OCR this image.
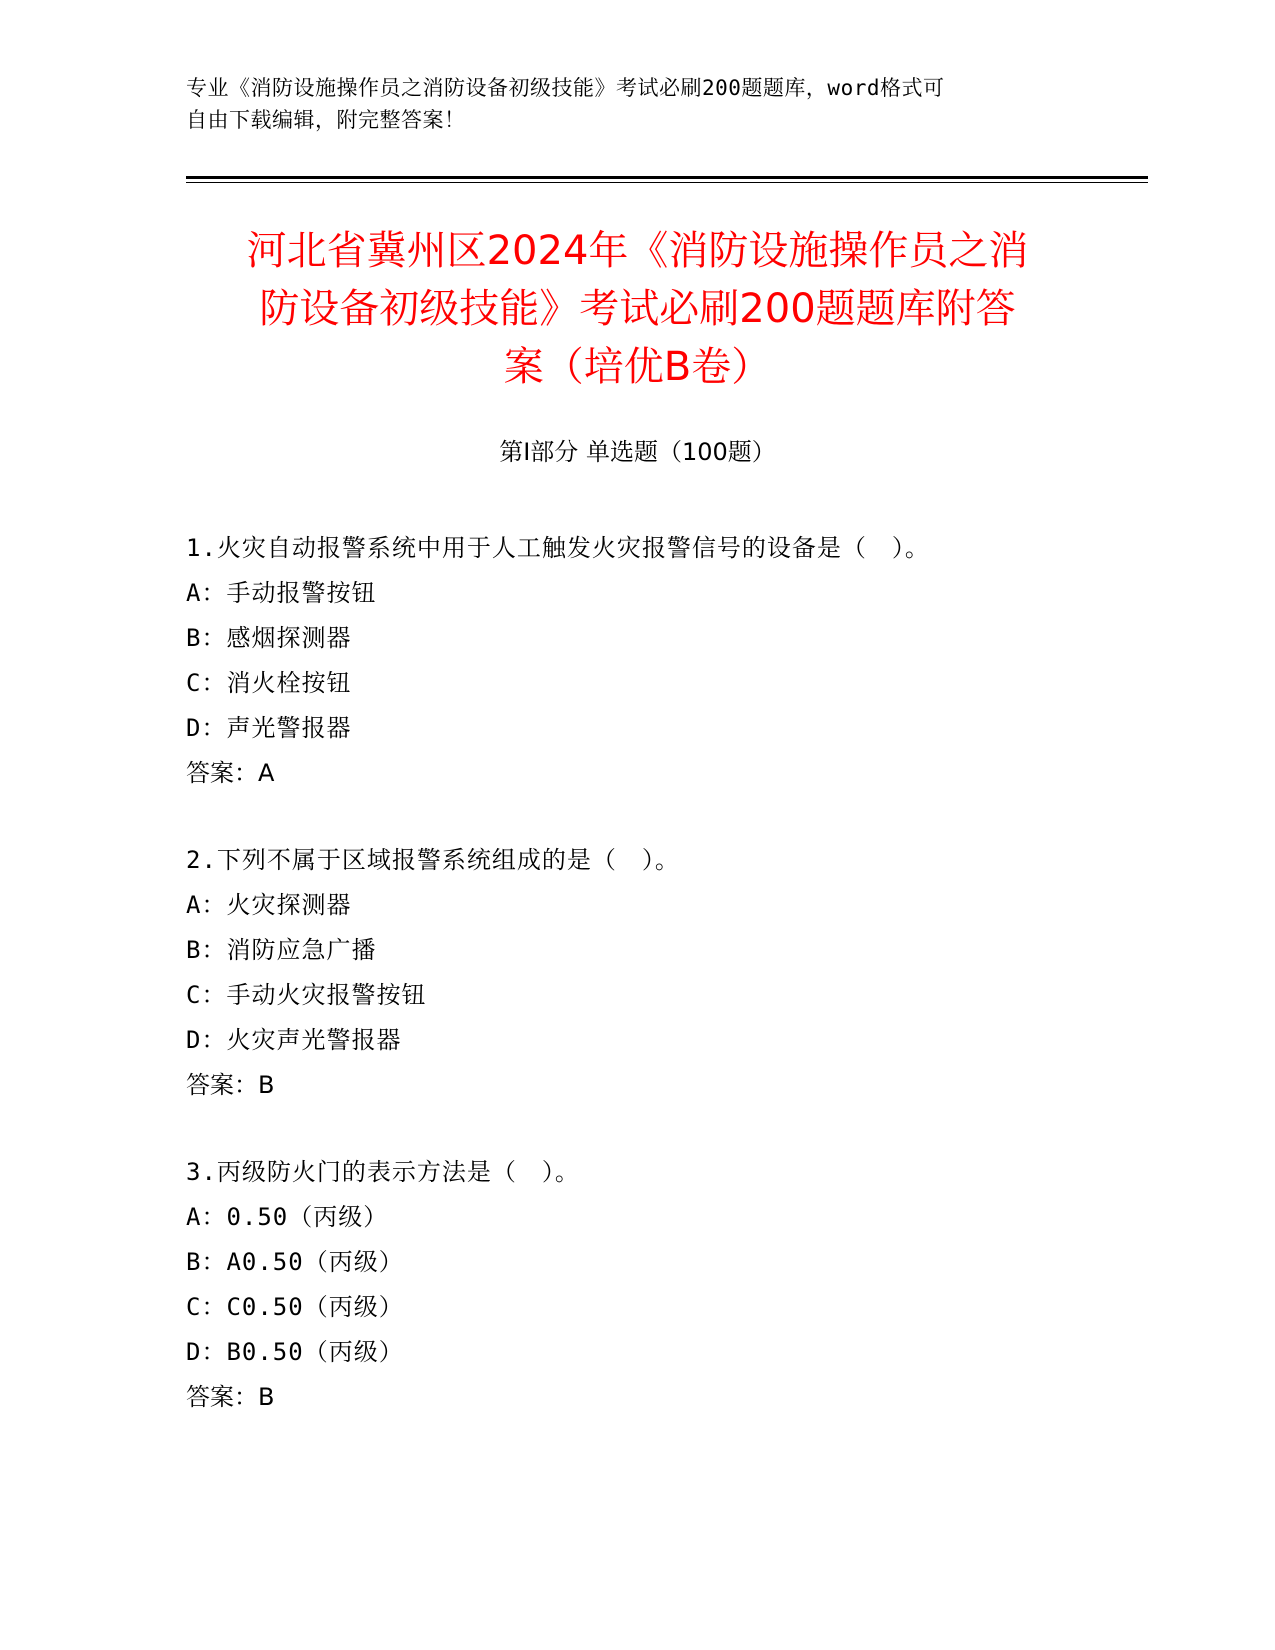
专业《消防设施操作员之消防设备初级技能》考试必刷200题题库，word格式可
自由下载编辑，附完整答案！
河北省冀州区2024年《消防设施操作员之消
防设备初级技能》考试必刷200题题库附答
案（培优B卷）
第Ⅰ部分 单选题（100题）
1.火灾自动报警系统中用于人工触发火灾报警信号的设备是（　）。
A：手动报警按钮
B：感烟探测器
C：消火栓按钮
D：声光警报器
答案：A
2.下列不属于区域报警系统组成的是（　）。
A：火灾探测器
B：消防应急广播
C：手动火灾报警按钮
D：火灾声光警报器
答案：B
3.丙级防火门的表示方法是（　）。
A：0.50（丙级）
B：A0.50（丙级）
C：C0.50（丙级）
D：B0.50（丙级）
答案：B
